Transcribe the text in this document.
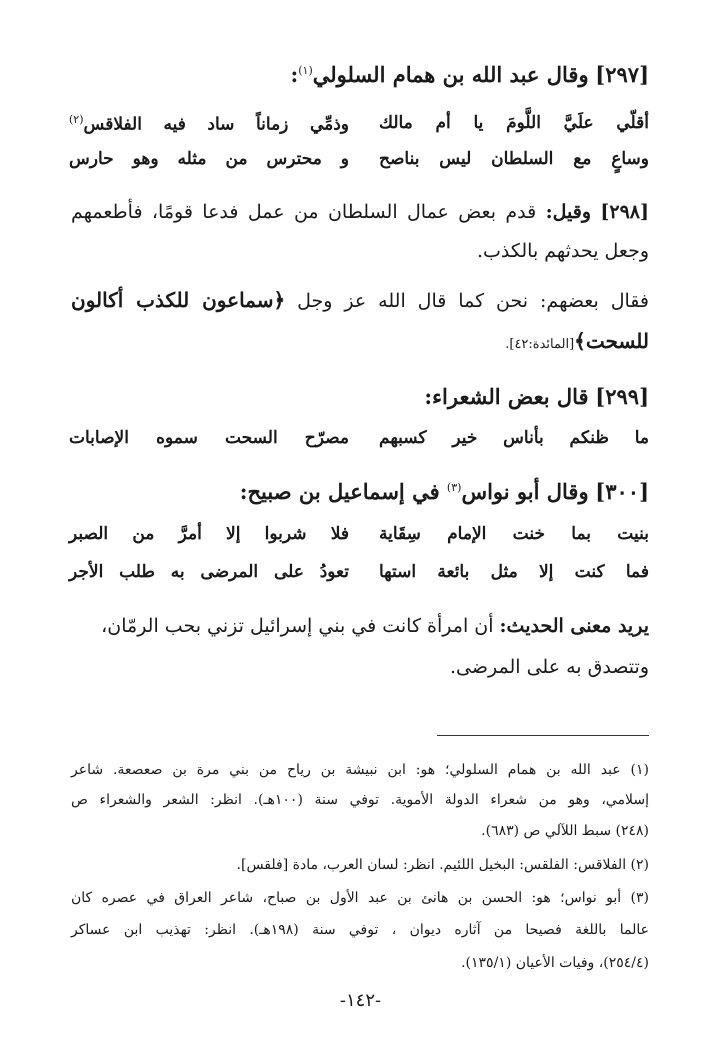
[٢٩٧] وقال عبد الله بن همام السلولي$^{(١)}$:
أقلّي علَيَّ اللَّومَ يا أم مالك
وذمِّي زماناً ساد فيه الفلاقس$^{(٢)}$
وساعٍ مع السلطان ليس بناصح
و محترس من مثله وهو حارس
[٢٩٨] وقيل: قدم بعض عمال السلطان من عمل فدعا قومًا، فأطعمهم
وجعل يحدثهم بالكذب.
فقال بعضهم: نحن كما قال الله عز وجل ﴿سماعون للكذب أكالون
للسحت﴾[المائدة:٤٢].
[٢٩٩] قال بعض الشعراء:
ما ظنكم بأناس خير كسبهم
مصرّح السحت سموه الإصابات
[٣٠٠] وقال أبو نواس$^{(٣)}$ في إسماعيل بن صبيح:
بنيت بما خنت الإمام سِقَاية
فلا شربوا إلا أمرَّ من الصبر
فما كنت إلا مثل بائعة استها
تعودُ على المرضى به طلب الأجر
يريد معنى الحديث: أن امرأة كانت في بني إسرائيل تزني بحب الرمّان،
وتتصدق به على المرضى.
(١) عبد الله بن همام السلولي؛ هو: ابن نبيشة بن رياح من بني مرة بن صعصعة. شاعر
إسلامي، وهو من شعراء الدولة الأموية. توفي سنة (١٠٠هـ). انظر: الشعر والشعراء ص
(٢٤٨) سبط اللآلي ص (٦٨٣).
(٢) الفلاقس: الفلقس: البخيل اللئيم. انظر: لسان العرب، مادة [فلقس].
(٣) أبو نواس؛ هو: الحسن بن هانئ بن عبد الأول بن صباح، شاعر العراق في عصره كان
عالما باللغة فصيحا من آثاره ديوان ، توفي سنة (١٩٨هـ). انظر: تهذيب ابن عساكر
(٢٥٤/٤)، وفيات الأعيان (١٣٥/١).
-١٤٢-
